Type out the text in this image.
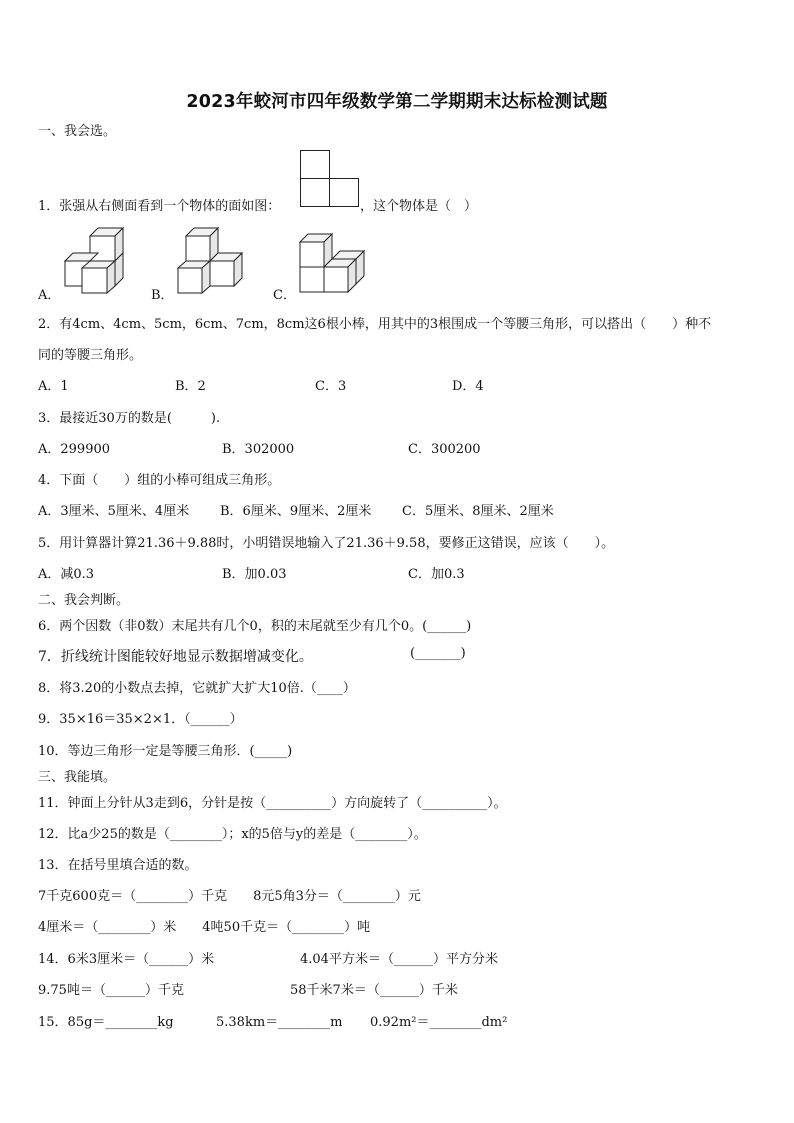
2023年蛟河市四年级数学第二学期期末达标检测试题
一、我会选。
1．张强从右侧面看到一个物体的面如图：	，这个物体是（　）
A．	B．	C．
2．有4cm、4cm、5cm，6cm、7cm，8cm这6根小棒，用其中的3根围成一个等腰三角形，可以搭出（　　）种不
同的等腰三角形。
A．1	B．2	C．3	D．4
3．最接近30万的数是(　　　).
A．299900	B．302000	C．300200
4．下面（　　）组的小棒可组成三角形。
A．3厘米、5厘米、4厘米 B．6厘米、9厘米、2厘米 C．5厘米、8厘米、2厘米
5．用计算器计算21.36＋9.88时，小明错误地输入了21.36＋9.58，要修正这错误，应该（　　）。
A．减0.3	B．加0.03	C．加0.3
二、我会判断。
6．两个因数（非0数）末尾共有几个0，积的末尾就至少有几个0。(______)
7．折线统计图能较好地显示数据增减变化。	(_______)
8．将3.20的小数点去掉，它就扩大扩大10倍.（____）
9．35×16＝35×2×1．（______）
10．等边三角形一定是等腰三角形．(_____)
三、我能填。
11．钟面上分针从3走到6，分针是按（__________）方向旋转了（__________）。
12．比a少25的数是（________）；x的5倍与y的差是（________）。
13．在括号里填合适的数。
7千克600克＝（________）千克　　8元5角3分＝（________）元
4厘米＝（________）米　　4吨50千克＝（________）吨
14．6米3厘米＝（______）米	4.04平方米＝（______）平方分米
9.75吨＝（______）千克	58千米7米＝（______）千米
15．85g＝________kg	5.38km＝________m 0.92m²＝________dm²
